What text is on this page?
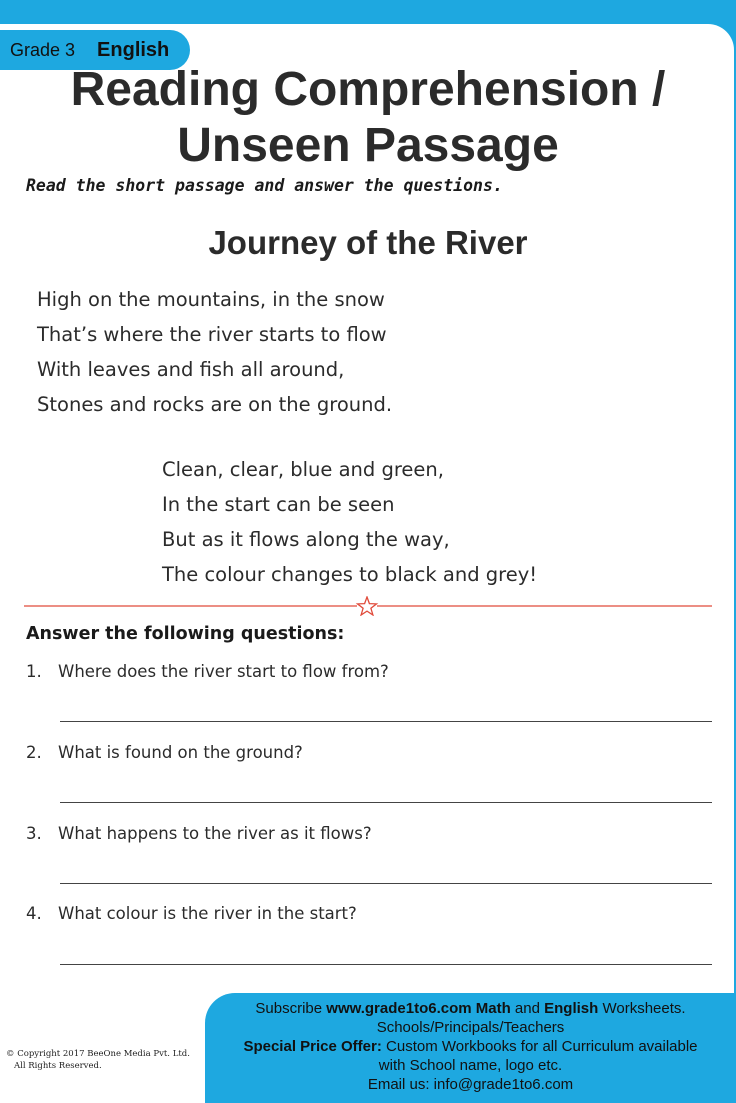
Grade 3 English
Reading Comprehension /
Unseen Passage
Read the short passage and answer the questions.
Journey of the River
High on the mountains, in the snow
That’s where the river starts to flow
With leaves and fish all around,
Stones and rocks are on the ground.
Clean, clear, blue and green,
In the start can be seen
But as it flows along the way,
The colour changes to black and grey!
Answer the following questions:
1. Where does the river start to flow from?
2. What is found on the ground?
3. What happens to the river as it flows?
4. What colour is the river in the start?
© Copyright 2017 BeeOne Media Pvt. Ltd.
All Rights Reserved.
Subscribe www.grade1to6.com Math and English Worksheets.
Schools/Principals/Teachers
Special Price Offer: Custom Workbooks for all Curriculum available
with School name, logo etc.
Email us: info@grade1to6.com
